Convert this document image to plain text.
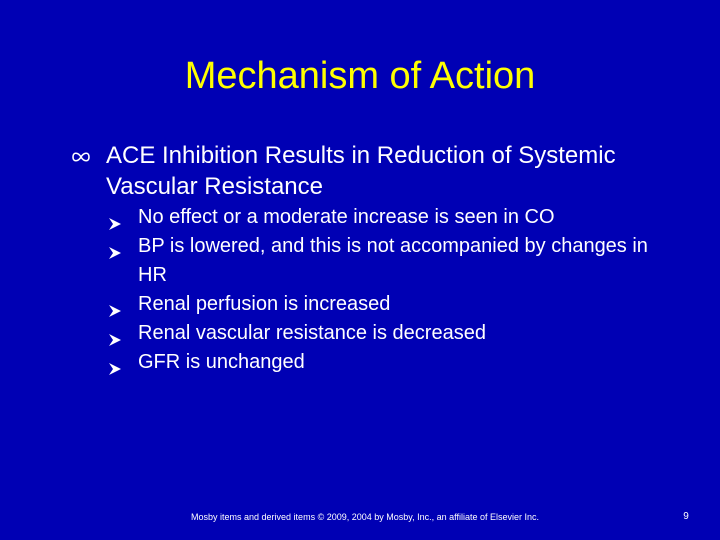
Mechanism of Action
ACE Inhibition Results in Reduction of Systemic Vascular Resistance
No effect or a moderate increase is seen in CO
BP is lowered, and this is not accompanied by changes in HR
Renal perfusion is increased
Renal vascular resistance is decreased
GFR is unchanged
Mosby items and derived items © 2009, 2004 by Mosby, Inc., an affiliate of Elsevier Inc.	9
